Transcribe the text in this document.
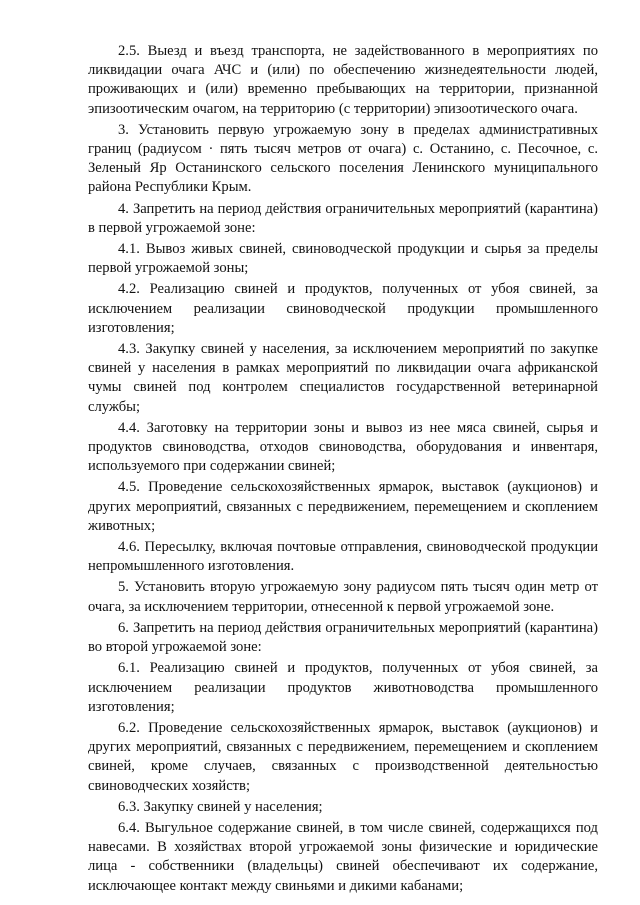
2.5. Выезд и въезд транспорта, не задействованного в мероприятиях по ликвидации очага АЧС и (или) по обеспечению жизнедеятельности людей, проживающих и (или) временно пребывающих на территории, признанной эпизоотическим очагом, на территорию (с территории) эпизоотического очага.

3. Установить первую угрожаемую зону в пределах административных границ (радиусом · пять тысяч метров от очага) с. Останино, с. Песочное, с. Зеленый Яр Останинского сельского поселения Ленинского муниципального района Республики Крым.

4. Запретить на период действия ограничительных мероприятий (карантина) в первой угрожаемой зоне:

4.1. Вывоз живых свиней, свиноводческой продукции и сырья за пределы первой угрожаемой зоны;

4.2. Реализацию свиней и продуктов, полученных от убоя свиней, за исключением реализации свиноводческой продукции промышленного изготовления;

4.3. Закупку свиней у населения, за исключением мероприятий по закупке свиней у населения в рамках мероприятий по ликвидации очага африканской чумы свиней под контролем специалистов государственной ветеринарной службы;

4.4. Заготовку на территории зоны и вывоз из нее мяса свиней, сырья и продуктов свиноводства, отходов свиноводства, оборудования и инвентаря, используемого при содержании свиней;

4.5. Проведение сельскохозяйственных ярмарок, выставок (аукционов) и других мероприятий, связанных с передвижением, перемещением и скоплением животных;

4.6. Пересылку, включая почтовые отправления, свиноводческой продукции непромышленного изготовления.

5. Установить вторую угрожаемую зону радиусом пять тысяч один метр от очага, за исключением территории, отнесенной к первой угрожаемой зоне.

6. Запретить на период действия ограничительных мероприятий (карантина) во второй угрожаемой зоне:

6.1. Реализацию свиней и продуктов, полученных от убоя свиней, за исключением реализации продуктов животноводства промышленного изготовления;

6.2. Проведение сельскохозяйственных ярмарок, выставок (аукционов) и других мероприятий, связанных с передвижением, перемещением и скоплением свиней, кроме случаев, связанных с производственной деятельностью свиноводческих хозяйств;

6.3. Закупку свиней у населения;

6.4. Выгульное содержание свиней, в том числе свиней, содержащихся под навесами. В хозяйствах второй угрожаемой зоны физические и юридические лица - собственники (владельцы) свиней обеспечивают их содержание, исключающее контакт между свиньями и дикими кабанами;
